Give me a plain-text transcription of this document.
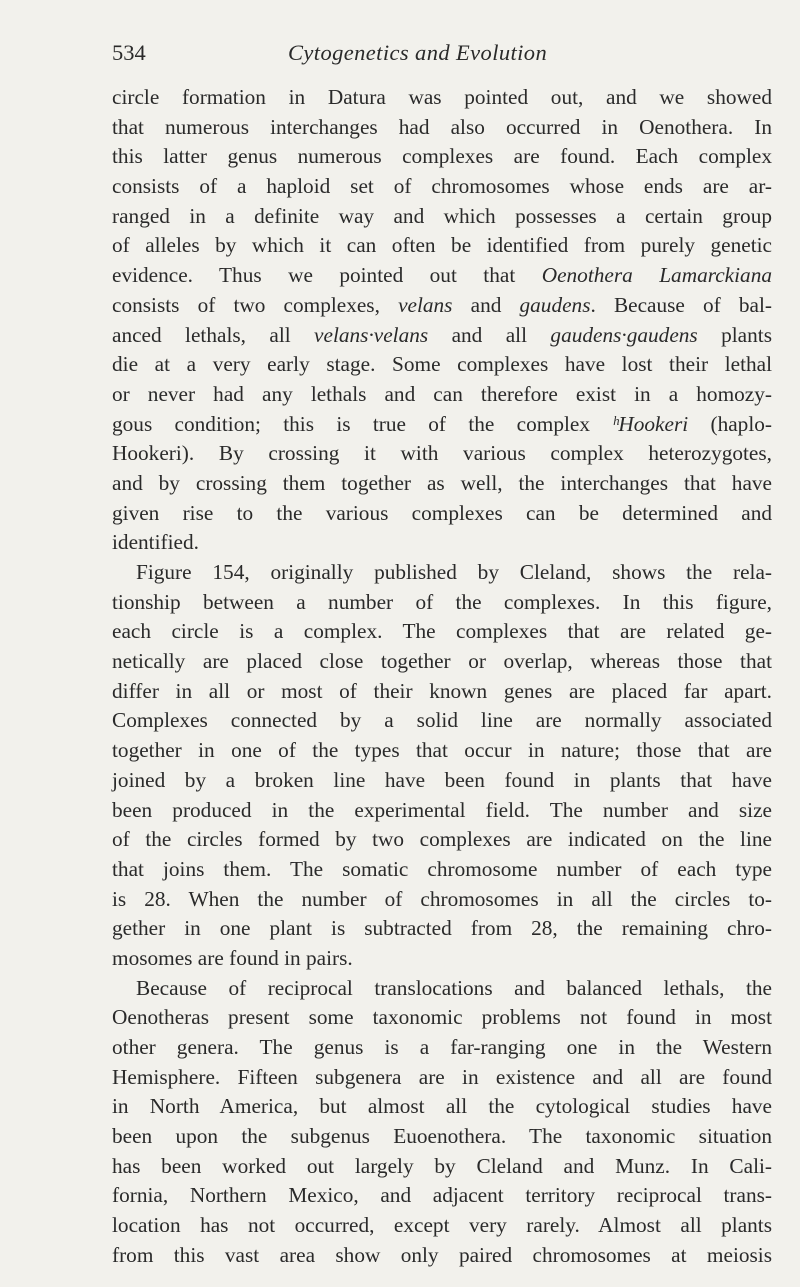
534	Cytogenetics and Evolution
circle formation in Datura was pointed out, and we showed
that numerous interchanges had also occurred in Oenothera. In
this latter genus numerous complexes are found. Each complex
consists of a haploid set of chromosomes whose ends are ar-
ranged in a definite way and which possesses a certain group
of alleles by which it can often be identified from purely genetic
evidence. Thus we pointed out that Oenothera Lamarckiana
consists of two complexes, velans and gaudens. Because of bal-
anced lethals, all velans·velans and all gaudens·gaudens plants
die at a very early stage. Some complexes have lost their lethal
or never had any lethals and can therefore exist in a homozy-
gous condition; this is true of the complex ʰHookeri (haplo-
Hookeri). By crossing it with various complex heterozygotes,
and by crossing them together as well, the interchanges that have
given rise to the various complexes can be determined and
identified.
Figure 154, originally published by Cleland, shows the rela-
tionship between a number of the complexes. In this figure,
each circle is a complex. The complexes that are related ge-
netically are placed close together or overlap, whereas those that
differ in all or most of their known genes are placed far apart.
Complexes connected by a solid line are normally associated
together in one of the types that occur in nature; those that are
joined by a broken line have been found in plants that have
been produced in the experimental field. The number and size
of the circles formed by two complexes are indicated on the line
that joins them. The somatic chromosome number of each type
is 28. When the number of chromosomes in all the circles to-
gether in one plant is subtracted from 28, the remaining chro-
mosomes are found in pairs.
Because of reciprocal translocations and balanced lethals, the
Oenotheras present some taxonomic problems not found in most
other genera. The genus is a far-ranging one in the Western
Hemisphere. Fifteen subgenera are in existence and all are found
in North America, but almost all the cytological studies have
been upon the subgenus Euoenothera. The taxonomic situation
has been worked out largely by Cleland and Munz. In Cali-
fornia, Northern Mexico, and adjacent territory reciprocal trans-
location has not occurred, except very rarely. Almost all plants
from this vast area show only paired chromosomes at meiosis
